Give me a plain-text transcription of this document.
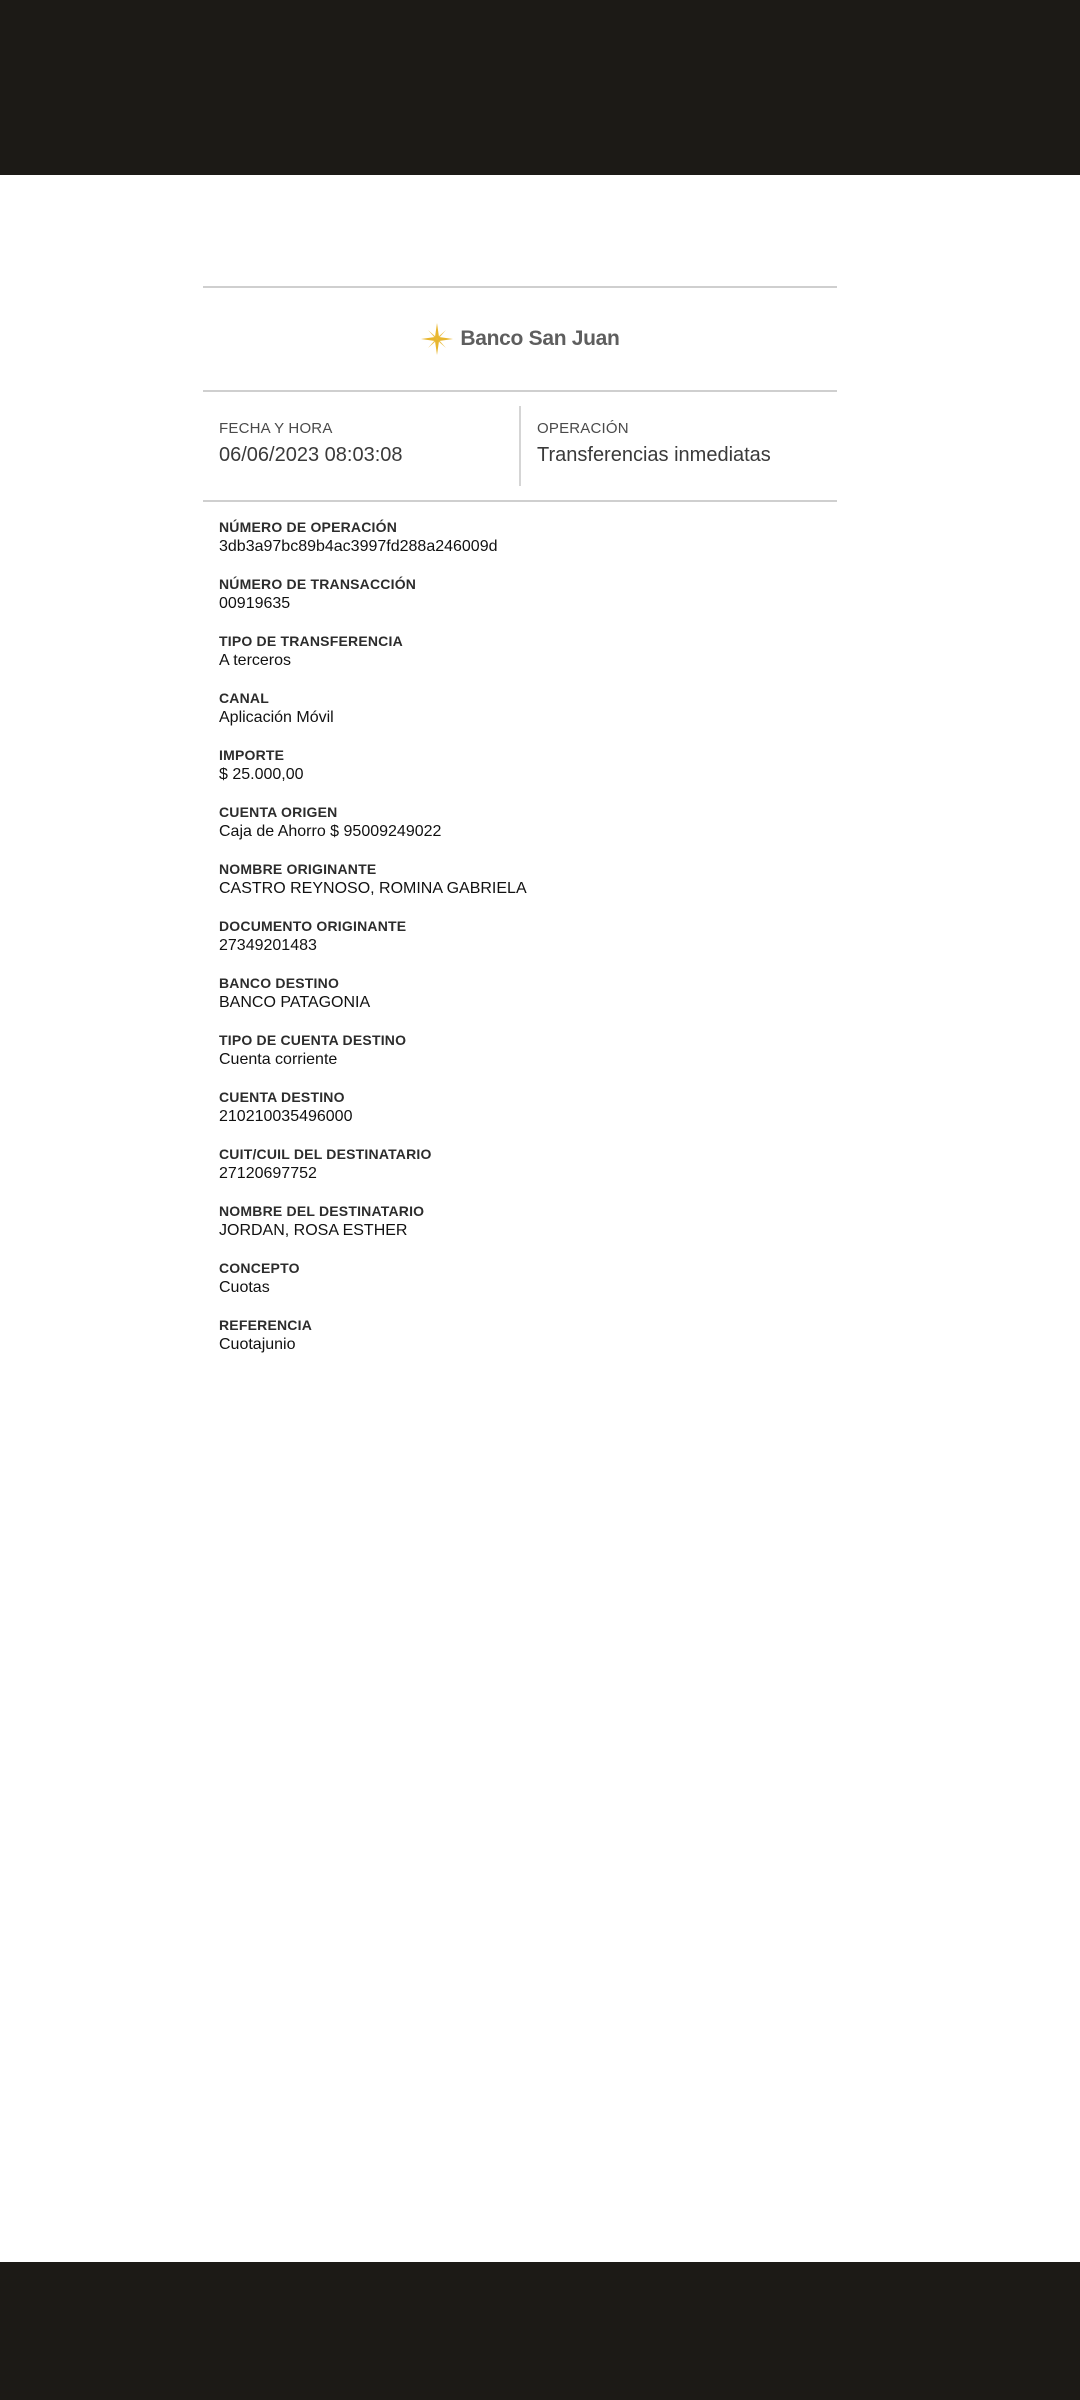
Banco San Juan
FECHA Y HORA
06/06/2023 08:03:08
OPERACIÓN
Transferencias inmediatas
NÚMERO DE OPERACIÓN
3db3a97bc89b4ac3997fd288a246009d
NÚMERO DE TRANSACCIÓN
00919635
TIPO DE TRANSFERENCIA
A terceros
CANAL
Aplicación Móvil
IMPORTE
$ 25.000,00
CUENTA ORIGEN
Caja de Ahorro $ 95009249022
NOMBRE ORIGINANTE
CASTRO REYNOSO, ROMINA GABRIELA
DOCUMENTO ORIGINANTE
27349201483
BANCO DESTINO
BANCO PATAGONIA
TIPO DE CUENTA DESTINO
Cuenta corriente
CUENTA DESTINO
210210035496000
CUIT/CUIL DEL DESTINATARIO
27120697752
NOMBRE DEL DESTINATARIO
JORDAN, ROSA ESTHER
CONCEPTO
Cuotas
REFERENCIA
Cuotajunio
